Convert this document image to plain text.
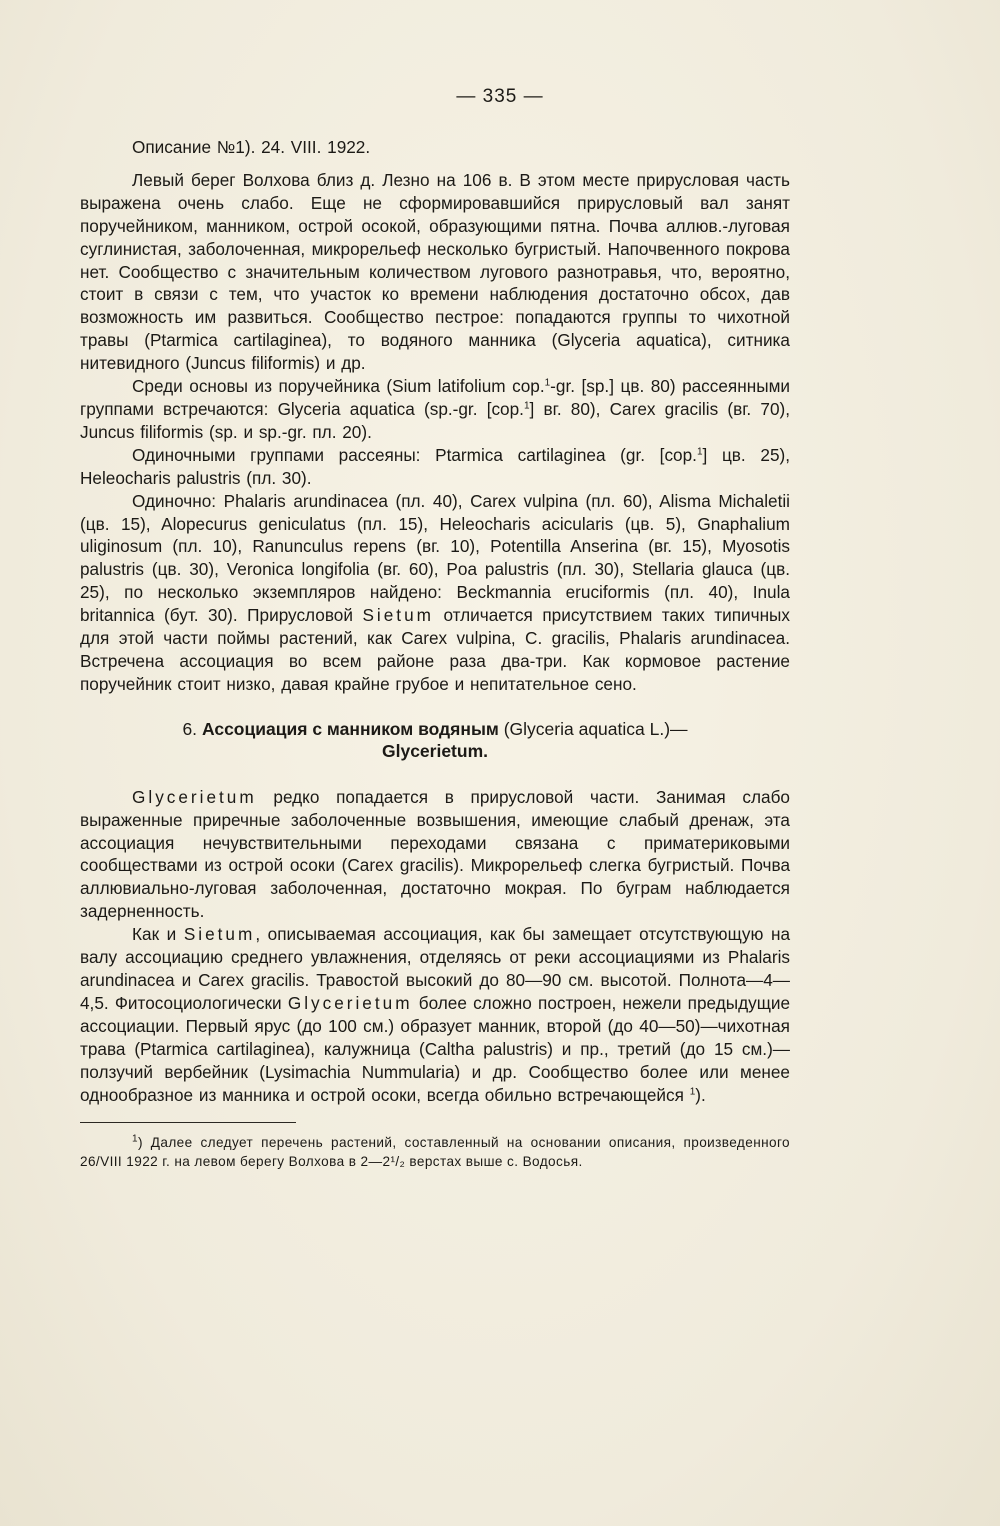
— 335 —

Описание №1). 24. VIII. 1922.

Левый берег Волхова близ д. Лезно на 106 в. В этом месте прирусловая часть выражена очень слабо. Еще не сформировавшийся прирусловый вал занят поручейником, манником, острой осокой, образующими пятна. Почва аллюв.-луговая суглинистая, заболоченная, микрорельеф несколько бугристый. Напочвенного покрова нет. Сообщество с значительным количеством лугового разнотравья, что, вероятно, стоит в связи с тем, что участок ко времени наблюдения достаточно обсох, дав возможность им развиться. Сообщество пестрое: попадаются группы то чихотной травы (Ptarmica cartilaginea), то водяного манника (Glyceria aquatica), ситника нитевидного (Juncus filiformis) и др.

Среди основы из поручейника (Sium latifolium cop.$^1$-gr. [sp.] цв. 80) рассеянными группами встречаются: Glyceria aquatica (sp.-gr. [cop.$^1$] вг. 80), Carex gracilis (вг. 70), Juncus filiformis (sp. и sp.-gr. пл. 20).

Одиночными группами рассеяны: Ptarmica cartilaginea (gr. [cop.$^1$] цв. 25), Heleocharis palustris (пл. 30).

Одиночно: Phalaris arundinacea (пл. 40), Carex vulpina (пл. 60), Alisma Michaletii (цв. 15), Alopecurus geniculatus (пл. 15), Heleocharis acicularis (цв. 5), Gnaphalium uliginosum (пл. 10), Ranunculus repens (вг. 10), Potentilla Anserina (вг. 15), Myosotis palustris (цв. 30), Veronica longifolia (вг. 60), Poa palustris (пл. 30), Stellaria glauca (цв. 25), по несколько экземпляров найдено: Beckmannia eruciformis (пл. 40), Inula britannica (бут. 30). Прирусловой Sietum отличается присутствием таких типичных для этой части поймы растений, как Carex vulpina, C. gracilis, Phalaris arundinacea. Встречена ассоциация во всем районе раза два-три. Как кормовое растение поручейник стоит низко, давая крайне грубое и непитательное сено.

6. Ассоциация с манником водяным (Glyceria aquatica L.)—
Glycerietum.

Glycerietum редко попадается в прирусловой части. Занимая слабо выраженные приречные заболоченные возвышения, имеющие слабый дренаж, эта ассоциация нечувствительными переходами связана с приматериковыми сообществами из острой осоки (Carex gracilis). Микрорельеф слегка бугристый. Почва аллювиально-луговая заболоченная, достаточно мокрая. По буграм наблюдается задерненность.

Как и Sietum, описываемая ассоциация, как бы замещает отсутствующую на валу ассоциацию среднего увлажнения, отделяясь от реки ассоциациями из Phalaris arundinacea и Carex gracilis. Травостой высокий до 80—90 см. высотой. Полнота—4—4,5. Фитосоциологически Glycerietum более сложно построен, нежели предыдущие ассоциации. Первый ярус (до 100 см.) образует манник, второй (до 40—50)—чихотная трава (Ptarmica cartilaginea), калужница (Caltha palustris) и пр., третий (до 15 см.)—ползучий вербейник (Lysimachia Nummularia) и др. Сообщество более или менее однообразное из манника и острой осоки, всегда обильно встречающейся $^1$).

$^1$) Далее следует перечень растений, составленный на основании описания, произведенного 26/VIII 1922 г. на левом берегу Волхова в 2—2¹/₂ верстах выше с. Водосья.
